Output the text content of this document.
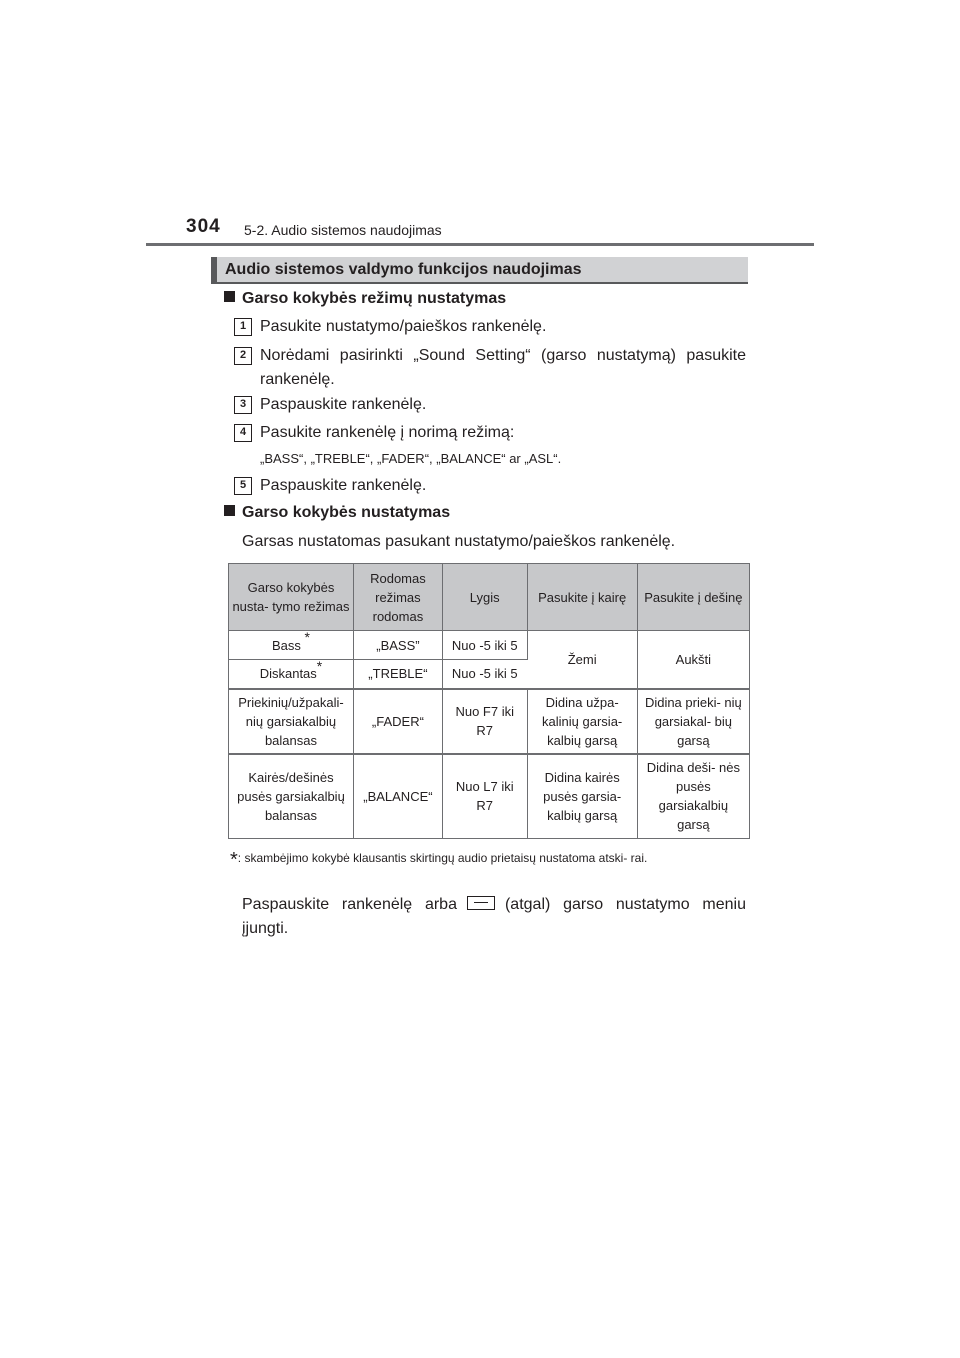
304 5-2. Audio sistemos naudojimas
Audio sistemos valdymo funkcijos naudojimas
Garso kokybės režimų nustatymas
1 Pasukite nustatymo/paieškos rankenėlę.
2 Norėdami pasirinkti „Sound Setting“ (garso nustatymą) pasukite rankenėlę.
3 Paspauskite rankenėlę.
4 Pasukite rankenėlę į norimą režimą:
„BASS“, „TREBLE“, „FADER“, „BALANCE“ ar „ASL“.
5 Paspauskite rankenėlę.
Garso kokybės nustatymas
Garsas nustatomas pasukant nustatymo/paieškos rankenėlę.
Garso kokybės nusta- tymo režimas	Rodomas režimas rodomas	Lygis	Pasukite į kairę	Pasukite į dešinę
Bass *	„BASS”	Nuo -5 iki 5	Žemi	Aukšti
Diskantas*	„TREBLE“	Nuo -5 iki 5		
Priekinių/užpakali- nių garsiakalbių balansas	„FADER“	Nuo F7 iki R7	Didina užpa- kalinių garsia- kalbių garsą	Didina prieki- nių garsiakal- bių garsą
Kairės/dešinės pusės garsiakalbių balansas	„BALANCE“	Nuo L7 iki R7	Didina kairės pusės garsia- kalbių garsą	Didina deši- nės pusės garsiakalbių garsą
*: skambėjimo kokybė klausantis skirtingų audio prietaisų nustatoma atski- rai.
Paspauskite rankenėlę arba	(atgal) garso nustatymo meniu įjungti.
